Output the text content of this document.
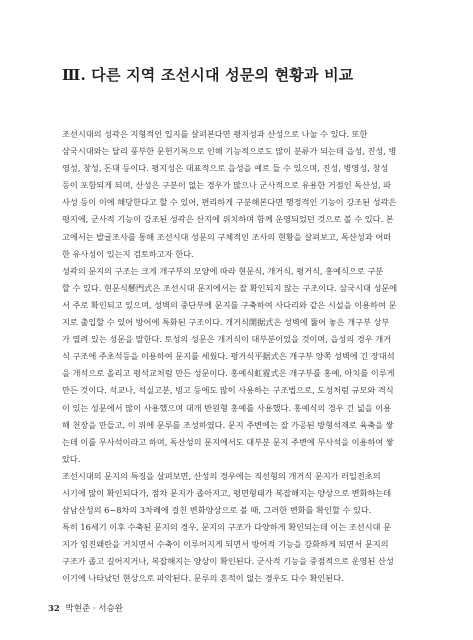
Ⅲ. 다른 지역 조선시대 성문의 현황과 비교

조선시대의 성곽은 지형적인 입지를 살펴본다면 평지성과 산성으로 나눌 수 있다. 또한
삼국시대와는 달리 풍부한 문헌기록으로 인해 기능적으로도 많이 분류가 되는데 읍성, 진성, 병
영성, 창성, 돈대 등이다. 평지성은 대표적으로 읍성을 예로 들 수 있으며, 진성, 병영성, 창성
등이 포함되게 되며, 산성은 구분이 없는 경우가 많으나 군사적으로 유용한 거점인 독산성, 파
사성 등이 이에 해당한다고 할 수 있어, 편리하게 구분해본다면 행정적인 기능이 강조된 성곽은
평지에, 군사적 기능이 강조된 성곽은 산지에 위치하며 함께 운영되었던 것으로 볼 수 있다. 본
고에서는 발굴조사를 통해 조선시대 성문의 구체적인 조사의 현황을 살펴보고, 독산성과 어떠
한 유사성이 있는지 검토하고자 한다.

성곽의 문지의 구조는 크게 개구부의 모양에 따라 현문식, 개거식, 평거식, 홍예식으로 구분
할 수 있다. 현문식懸門式은 조선시대 문지에서는 잘 확인되지 않는 구조이다. 삼국시대 성문에
서 주로 확인되고 있으며, 성벽의 중단부에 문지를 구축하여 사다리와 같은 시설을 이용하여 문
지로 출입할 수 있어 방어에 특화된 구조이다. 개거식開据式은 성벽에 뚫어 놓은 개구부 상부
가 열려 있는 성문을 말한다. 토성의 성문은 개거식이 대부분이었을 것이며, 읍성의 경우 개거
식 구조에 주초석등을 이용하여 문지를 세웠다. 평거식平据式은 개구부 양쪽 성벽에 긴 장대석
을 개석으로 올리고 평석교처럼 만든 성문이다. 홍예식虹霓式은 개구부를 홍예, 아치를 이루게
만든 것이다. 석교나, 석실고분, 빙고 등에도 많이 사용하는 구조법으로, 도성처럼 규모와 격식
이 있는 성문에서 많이 사용했으며 대개 반원형 홍예를 사용했다. 홍예식의 경우 긴 넓을 이용
해 천장을 만들고, 이 위에 문루를 조성하였다. 문지 주변에는 잘 가공된 방형석재로 육축을 쌓
는데 이를 무사석이라고 하며, 독산성의 문지에서도 대부분 문지 주변에 무사석을 이용하여 쌓
았다.

조선시대의 문지의 특징을 살펴보면, 산성의 경우에는 직선형의 개거식 문지가 러일전초의
시기에 많이 확인되다가, 점차 문지가 좁아지고, 평면형태가 복잡해지는 양상으로 변화하는데
삼남산성의 6~8차의 3차례에 걸친 변화양상으로 볼 때, 그러한 변화를 확인할 수 있다.
특히 16세기 이후 수축된 문지의 경우, 문지의 구조가 다양하게 확인되는데 이는 조선시대 문
지가 임진왜란을 거치면서 수축이 이루어지게 되면서 방어적 기능을 강화하게 되면서 문지의
구조가 좁고 길어지거나, 복잡해지는 양상이 확인된다. 군사적 기능을 중점적으로 운영된 산성
이기에 나타났던 현상으로 파악된다. 문루의 흔적이 없는 경우도 다수 확인된다.

32 박현준 · 서승완
